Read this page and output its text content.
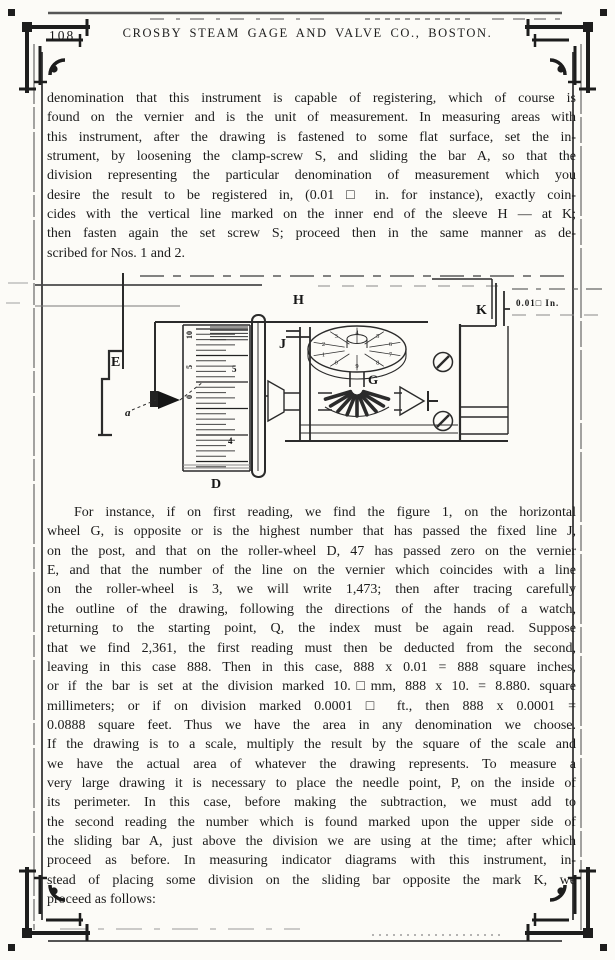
108	CROSBY STEAM GAGE AND VALVE CO., BOSTON.
denomination that this instrument is capable of registering, which of course is
found on the vernier and is the unit of measurement. In measuring areas with
this instrument, after the drawing is fastened to some flat surface, set the in-
strument, by loosening the clamp-screw S, and sliding the bar A, so that the
division representing the particular denomination of measurement which you
desire the result to be registered in, (0.01 □ in. for instance), exactly coin-
cides with the vertical line marked on the inner end of the sleeve H — at K;
then fasten again the set screw S; proceed then in the same manner as de-
scribed for Nos. 1 and 2.
2
3	4	5
6
7
8
9
0
1
H
K	0.01□ In.
E
J
G
a
D
10
5
0
5
4
For instance, if on first reading, we find the figure 1, on the horizontal
wheel G, is opposite or is the highest number that has passed the fixed line J,
on the post, and that on the roller-wheel D, 47 has passed zero on the vernier
E, and that the number of the line on the vernier which coincides with a line
on the roller-wheel is 3, we will write 1,473; then after tracing carefully
the outline of the drawing, following the directions of the hands of a watch,
returning to the starting point, Q, the index must be again read. Suppose
that we find 2,361, the first reading must then be deducted from the second,
leaving in this case 888. Then in this case, 888 x 0.01 = 888 square inches,
or if the bar is set at the division marked 10.□mm, 888 x 10. = 8.880. square
millimeters; or if on division marked 0.0001 □ ft., then 888 x 0.0001 =
0.0888 square feet. Thus we have the area in any denomination we choose.
If the drawing is to a scale, multiply the result by the square of the scale and
we have the actual area of whatever the drawing represents. To measure a
very large drawing it is necessary to place the needle point, P, on the inside of
its perimeter. In this case, before making the subtraction, we must add to
the second reading the number which is found marked upon the upper side of
the sliding bar A, just above the division we are using at the time; after which
proceed as before. In measuring indicator diagrams with this instrument, in-
stead of placing some division on the sliding bar opposite the mark K, we
proceed as follows:
